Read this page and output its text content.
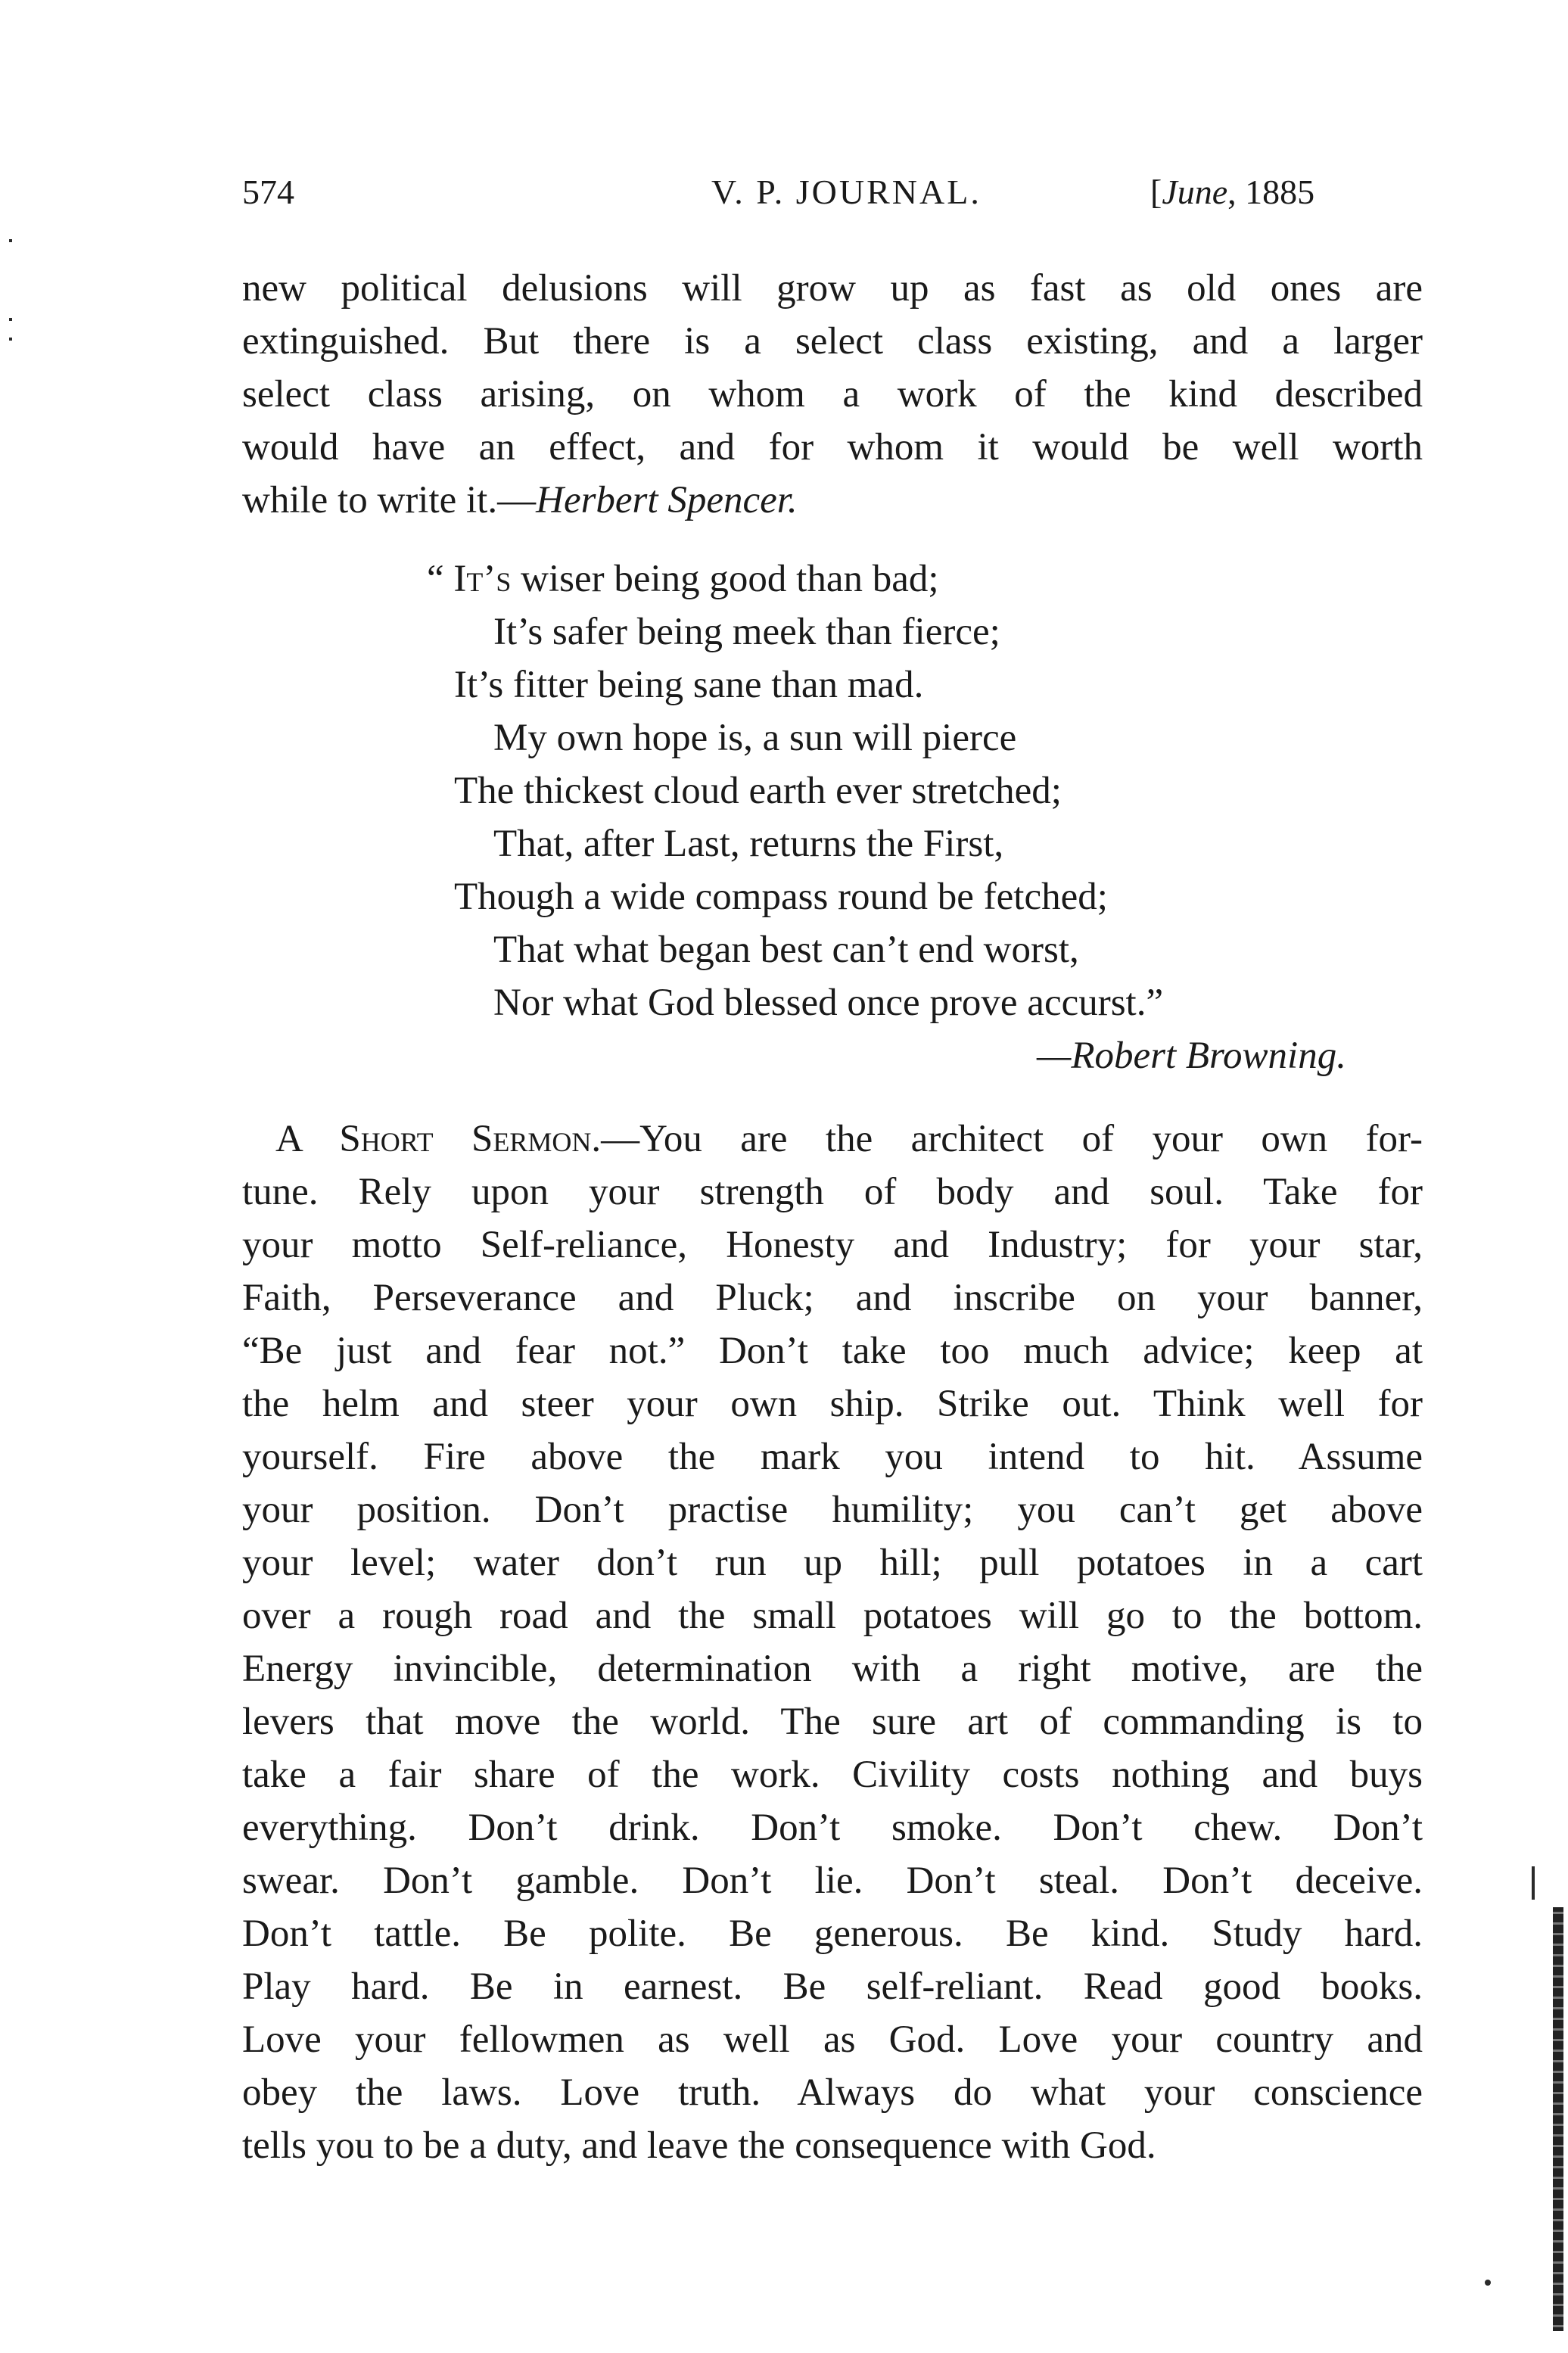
574	V. P. JOURNAL.	[June, 1885
new political delusions will grow up as fast as old ones are
extinguished. But there is a select class existing, and a larger
select class arising, on whom a work of the kind described
would have an effect, and for whom it would be well worth
while to write it.—Herbert Spencer.
“ It’s wiser being good than bad;
It’s safer being meek than fierce;
It’s fitter being sane than mad.
My own hope is, a sun will pierce
The thickest cloud earth ever stretched;
That, after Last, returns the First,
Though a wide compass round be fetched;
That what began best can’t end worst,
Nor what God blessed once prove accurst.”
—Robert Browning.
A Short Sermon.—You are the architect of your own for-
tune. Rely upon your strength of body and soul. Take for
your motto Self-reliance, Honesty and Industry; for your star,
Faith, Perseverance and Pluck; and inscribe on your banner,
“Be just and fear not.” Don’t take too much advice; keep at
the helm and steer your own ship. Strike out. Think well for
yourself. Fire above the mark you intend to hit. Assume
your position. Don’t practise humility; you can’t get above
your level; water don’t run up hill; pull potatoes in a cart
over a rough road and the small potatoes will go to the bottom.
Energy invincible, determination with a right motive, are the
levers that move the world. The sure art of commanding is to
take a fair share of the work. Civility costs nothing and buys
everything. Don’t drink. Don’t smoke. Don’t chew. Don’t
swear. Don’t gamble. Don’t lie. Don’t steal. Don’t deceive.
Don’t tattle. Be polite. Be generous. Be kind. Study hard.
Play hard. Be in earnest. Be self-reliant. Read good books.
Love your fellowmen as well as God. Love your country and
obey the laws. Love truth. Always do what your conscience
tells you to be a duty, and leave the consequence with God.
